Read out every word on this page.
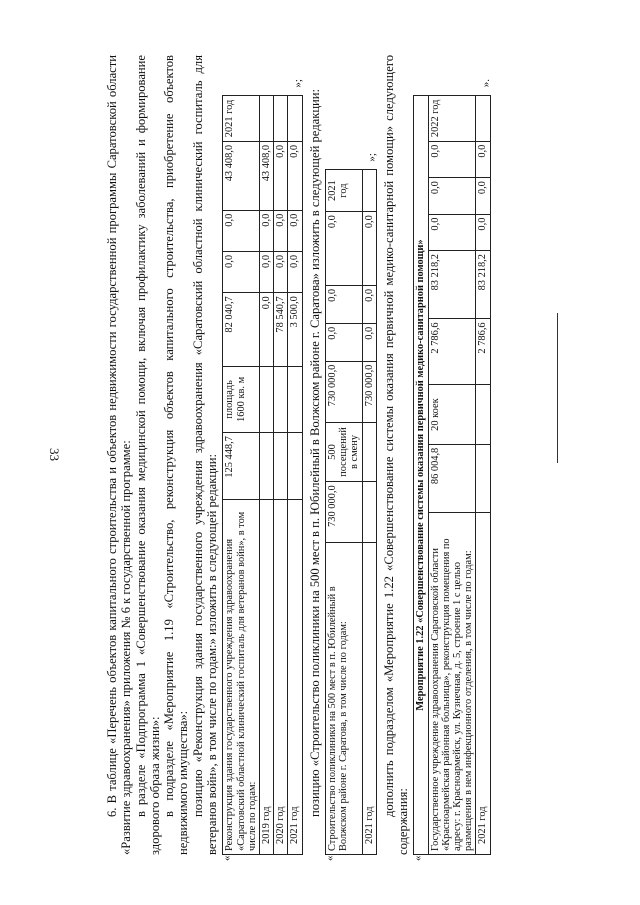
33	6. В таблице «Перечень объектов капитального строительства и объектов недвижимости государственной программы Саратовской области «Развитие здравоохранения» приложения № 6 к государственной программе: в разделе «Подпрограмма 1 «Совершенствование оказания медицинской помощи, включая профилактику заболеваний и формирование здорового образа жизни»: в подразделе «Мероприятие 1.19 «Строительство, реконструкция объектов капитального строительства, приобретение объектов недвижимого имущества»: позицию «Реконструкция здания государственного учреждения здравоохранения «Саратовский областной клинический госпиталь для ветеранов войн», в том числе по годам:» изложить в следующей редакции:

«
Реконструкция здания государственного учреждения здравоохранения «Саратовский областной клинический госпиталь для ветеранов войн», в том числе по годам:	125 448,7	площадь 1600 кв. м	82 040,7	0,0	0,0	43 408,0	2021 год
2019 год			0,0	0,0	0,0	43 408,0	
2020 год			78 540,7	0,0	0,0	0,0	
2021 год			3 500,0	0,0	0,0	0,0	
»;

позицию «Строительство поликлиники на 500 мест в п. Юбилейный в Волжском районе г. Саратова» изложить в следующей редакции:

«
Строительство поликлиники на 500 мест в п. Юбилейный в Волжском районе г. Саратова, в том числе по годам:	730 000,0	500 посещений в смену	730 000,0	0,0	0,0	0,0	2021 год
2021 год			730 000,0	0,0	0,0	0,0	
»; дополнить подразделом «Мероприятие 1.22 «Совершенствование системы оказания первичной медико-санитарной помощи» следующего содержания:

«
Мероприятие 1.22 «Совершенствование системы оказания первичной медико-санитарной помощи»								
Государственное учреждение здравоохранения Саратовской области «Красноармейская районная больница», реконструкция помещения по адресу: г. Красноармейск, ул. Кузнечная, д. 5, строение 1 с целью размещения в нем инфекционного отделения, в том числе по годам:	86 004,8	20 коек	2 786,6	83 218,2	0,0	0,0	0,0	2022 год
2021 год			2 786,6	83 218,2	0,0	0,0	0,0	
».
